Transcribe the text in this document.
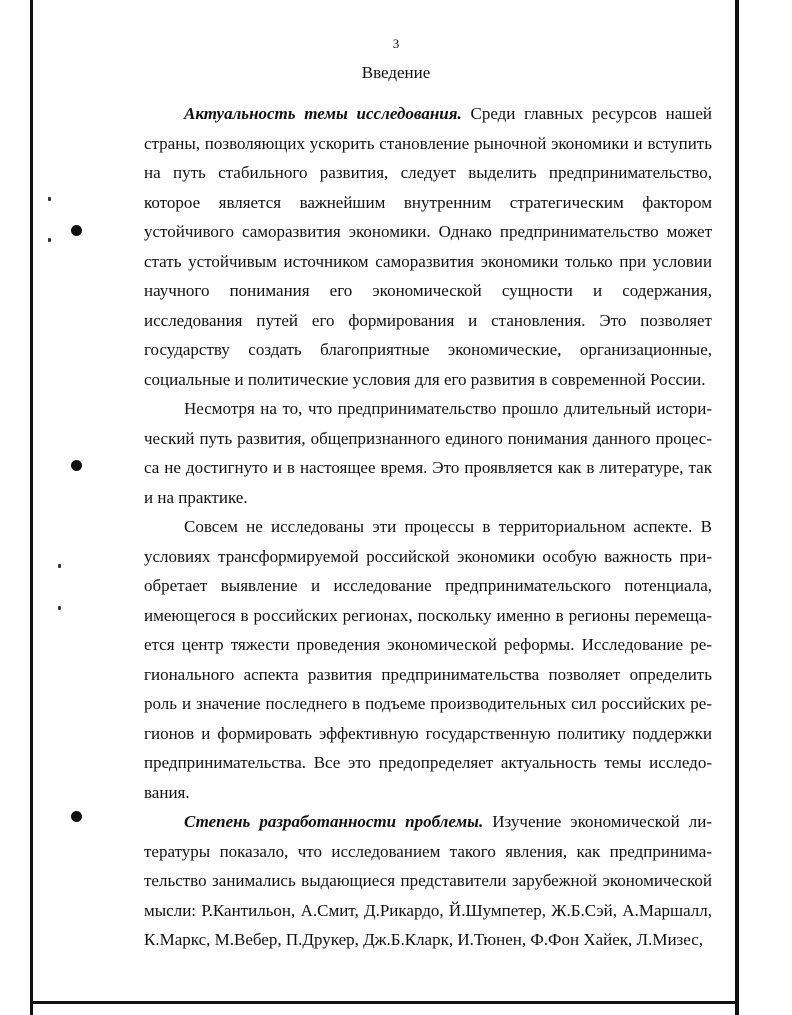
3
Введение

Актуальность темы исследования. Среди главных ресурсов нашей страны, позволяющих ускорить становление рыночной экономики и вступить на путь стабильного развития, следует выделить предпринимательство, которое является важнейшим внутренним стратегическим фактором устойчивого саморазвития экономики. Однако предпринимательство может стать устойчивым источником саморазвития экономики только при условии научного понимания его экономической сущности и содержания, исследования путей его формирования и становления. Это позволяет государству создать благоприятные экономические, организационные, социальные и политические условия для его развития в современной России.

Несмотря на то, что предпринимательство прошло длительный исторический путь развития, общепризнанного единого понимания данного процесса не достигнуто и в настоящее время. Это проявляется как в литературе, так и на практике.

Совсем не исследованы эти процессы в территориальном аспекте. В условиях трансформируемой российской экономики особую важность приобретает выявление и исследование предпринимательского потенциала, имеющегося в российских регионах, поскольку именно в регионы перемещается центр тяжести проведения экономической реформы. Исследование регионального аспекта развития предпринимательства позволяет определить роль и значение последнего в подъеме производительных сил российских регионов и формировать эффективную государственную политику поддержки предпринимательства. Все это предопределяет актуальность темы исследования.

Степень разработанности проблемы. Изучение экономической литературы показало, что исследованием такого явления, как предпринимательство занимались выдающиеся представители зарубежной экономической мысли: Р.Кантильон, А.Смит, Д.Рикардо, Й.Шумпетер, Ж.Б.Сэй, А.Маршалл, К.Маркс, М.Вебер, П.Друкер, Дж.Б.Кларк, И.Тюнен, Ф.Фон Хайек, Л.Мизес,
